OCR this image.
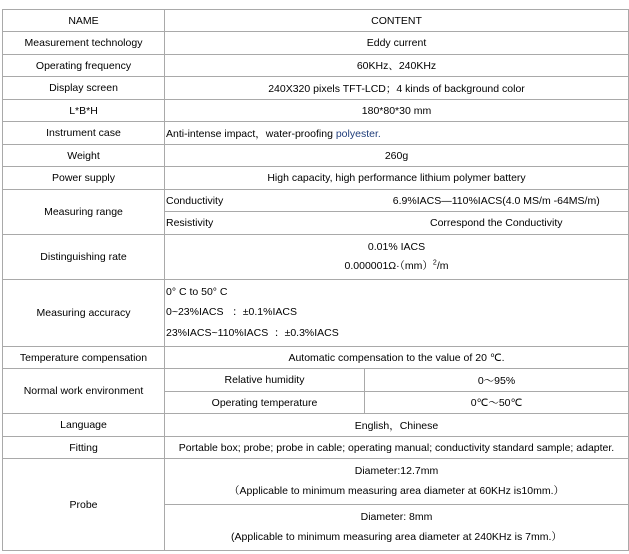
NAME	CONTENT	
Measurement technology	Eddy current	
Operating frequency	60KHz、240KHz	
Display screen	240X320 pixels TFT-LCD；4 kinds of background color	
L*B*H	180*80*30 mm	
Instrument case	Anti-intense impact，water-proofing polyester.	
Weight	260g	
Power supply	High capacity, high performance lithium polymer battery	
Measuring range	Conductivity	6.9%IACS—110%IACS(4.0 MS/m -64MS/m)
	Resistivity	Correspond the Conductivity
Distinguishing rate	0.01% IACS
0.000001Ω·（mm）$^2$/m	

Measuring accuracy	0° C to 50° C
0~23%IACS   ：±0.1%IACS
23%IACS~110%IACS  ：±0.3%IACS	

Temperature compensation	Automatic compensation to the value of 20 ℃.	
Normal work environment	Relative humidity	0～95%
	Operating temperature	0℃～50℃
Language	English，Chinese	
Fitting	Portable box; probe; probe in cable; operating manual; conductivity standard sample; adapter.	
Probe	Diameter:12.7mm
（Applicable to minimum measuring area diameter at 60KHz is10mm.）	

	Diameter: 8mm
(Applicable to minimum measuring area diameter at 240KHz is 7mm.）	
